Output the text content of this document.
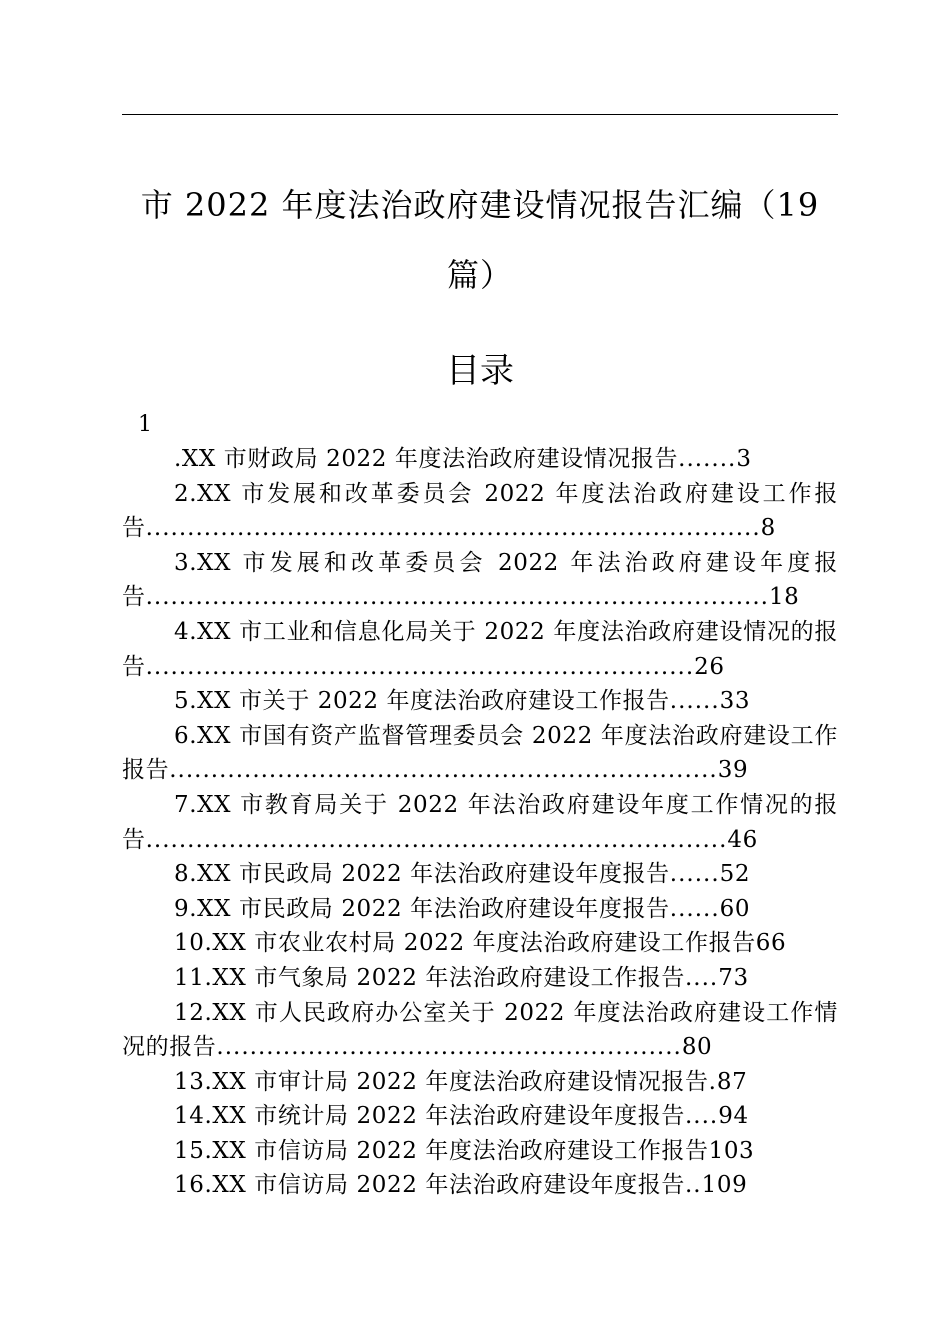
市 2022 年度法治政府建设情况报告汇编（19
篇）
目录
1

.XX 市财政局 2022 年度法治政府建设情况报告.......3

2.XX 市发展和改革委员会 2022 年度法治政府建设工作报告..........................................................................8

3.XX 市发展和改革委员会 2022 年法治政府建设年度报告...........................................................................18

4.XX 市工业和信息化局关于 2022 年度法治政府建设情况的报告..................................................................26

5.XX 市关于 2022 年度法治政府建设工作报告......33

6.XX 市国有资产监督管理委员会 2022 年度法治政府建设工作报告..................................................................39

7.XX 市教育局关于 2022 年法治政府建设年度工作情况的报告......................................................................46

8.XX 市民政局 2022 年法治政府建设年度报告......52

9.XX 市民政局 2022 年法治政府建设年度报告......60

10.XX 市农业农村局 2022 年度法治政府建设工作报告66

11.XX 市气象局 2022 年法治政府建设工作报告....73

12.XX 市人民政府办公室关于 2022 年度法治政府建设工作情况的报告........................................................80

13.XX 市审计局 2022 年度法治政府建设情况报告.87

14.XX 市统计局 2022 年法治政府建设年度报告....94

15.XX 市信访局 2022 年度法治政府建设工作报告103

16.XX 市信访局 2022 年法治政府建设年度报告..109
